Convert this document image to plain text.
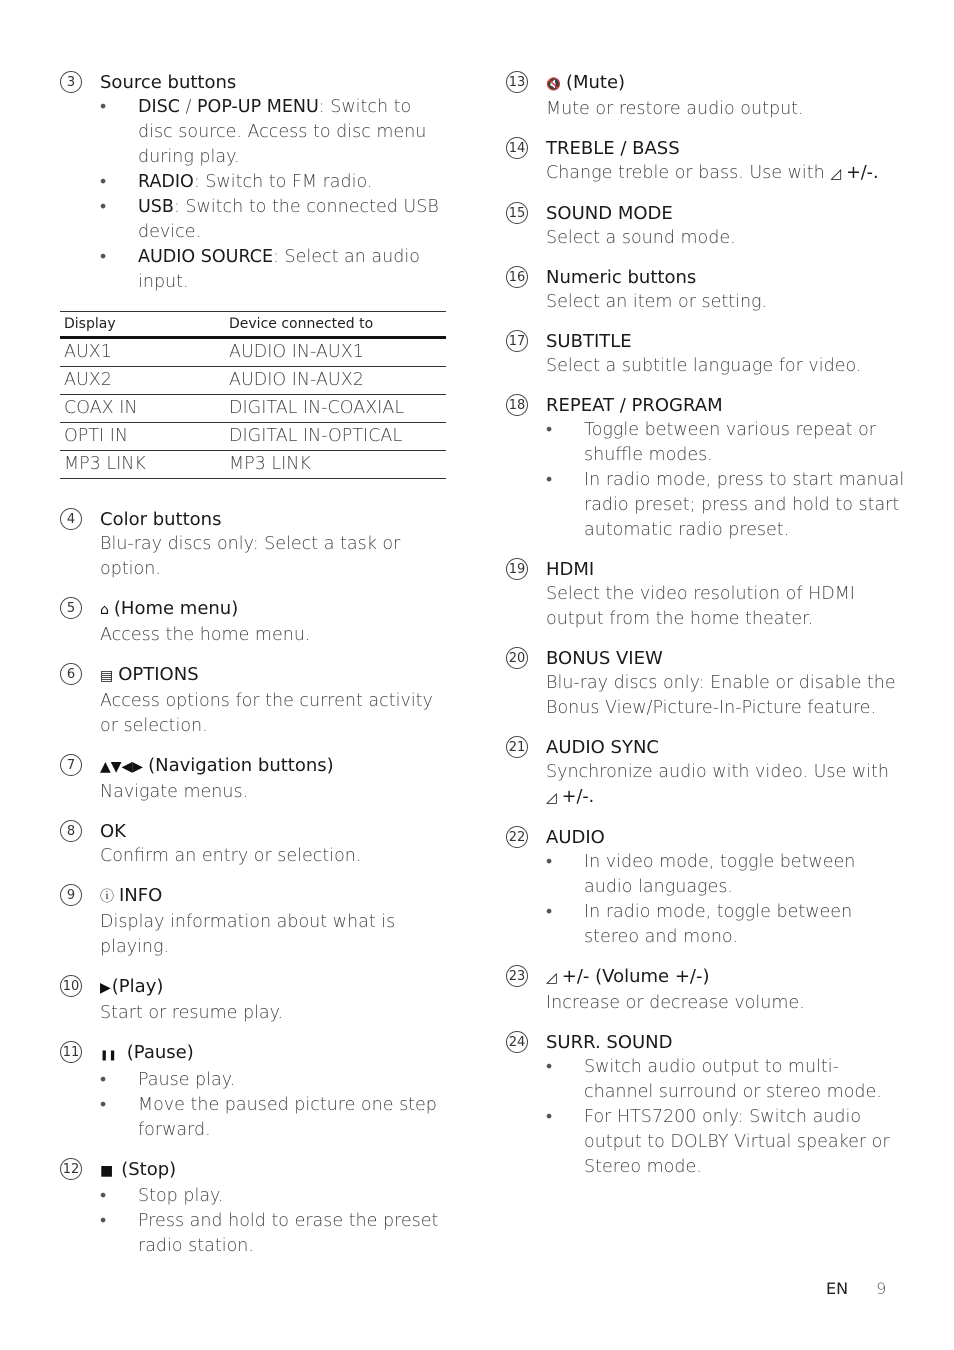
3	Source buttons
• DISC / POP-UP MENU: Switch to disc source. Access to disc menu during play.
• RADIO: Switch to FM radio.
• USB: Switch to the connected USB device.
• AUDIO SOURCE: Select an audio input.
Display	Device connected to
AUX1	AUDIO IN-AUX1
AUX2	AUDIO IN-AUX2
COAX IN	DIGITAL IN-COAXIAL
OPTI IN	DIGITAL IN-OPTICAL
MP3 LINK	MP3 LINK
4	Color buttons
Blu-ray discs only: Select a task or option.
5	⌂ (Home menu)
Access the home menu.
6	▤ OPTIONS
Access options for the current activity or selection.
7	▲▼◀▶ (Navigation buttons)
Navigate menus.
8	OK
Confirm an entry or selection.
9	ⓘ INFO
Display information about what is playing.
10 ▶(Play)
Start or resume play.
11 ❚❚ (Pause)
• Pause play.
• Move the paused picture one step forward.
12 ■ (Stop)
• Stop play.
• Press and hold to erase the preset radio station.
13 🔇 (Mute)
Mute or restore audio output.
14 TREBLE / BASS
Change treble or bass. Use with ◿ +/-.
15 SOUND MODE
Select a sound mode.
16 Numeric buttons
Select an item or setting.
17 SUBTITLE
Select a subtitle language for video.
18 REPEAT / PROGRAM
• Toggle between various repeat or shuffle modes.
• In radio mode, press to start manual radio preset; press and hold to start automatic radio preset.
19 HDMI
Select the video resolution of HDMI output from the home theater.
20 BONUS VIEW
Blu-ray discs only: Enable or disable the Bonus View/Picture-In-Picture feature.
21 AUDIO SYNC
Synchronize audio with video. Use with ◿ +/-.
22 AUDIO
• In video mode, toggle between audio languages.
• In radio mode, toggle between stereo and mono.
23 ◿ +/- (Volume +/-)
Increase or decrease volume.
24 SURR. SOUND
• Switch audio output to multi-channel surround or stereo mode.
• For HTS7200 only: Switch audio output to DOLBY Virtual speaker or Stereo mode.
EN 9
